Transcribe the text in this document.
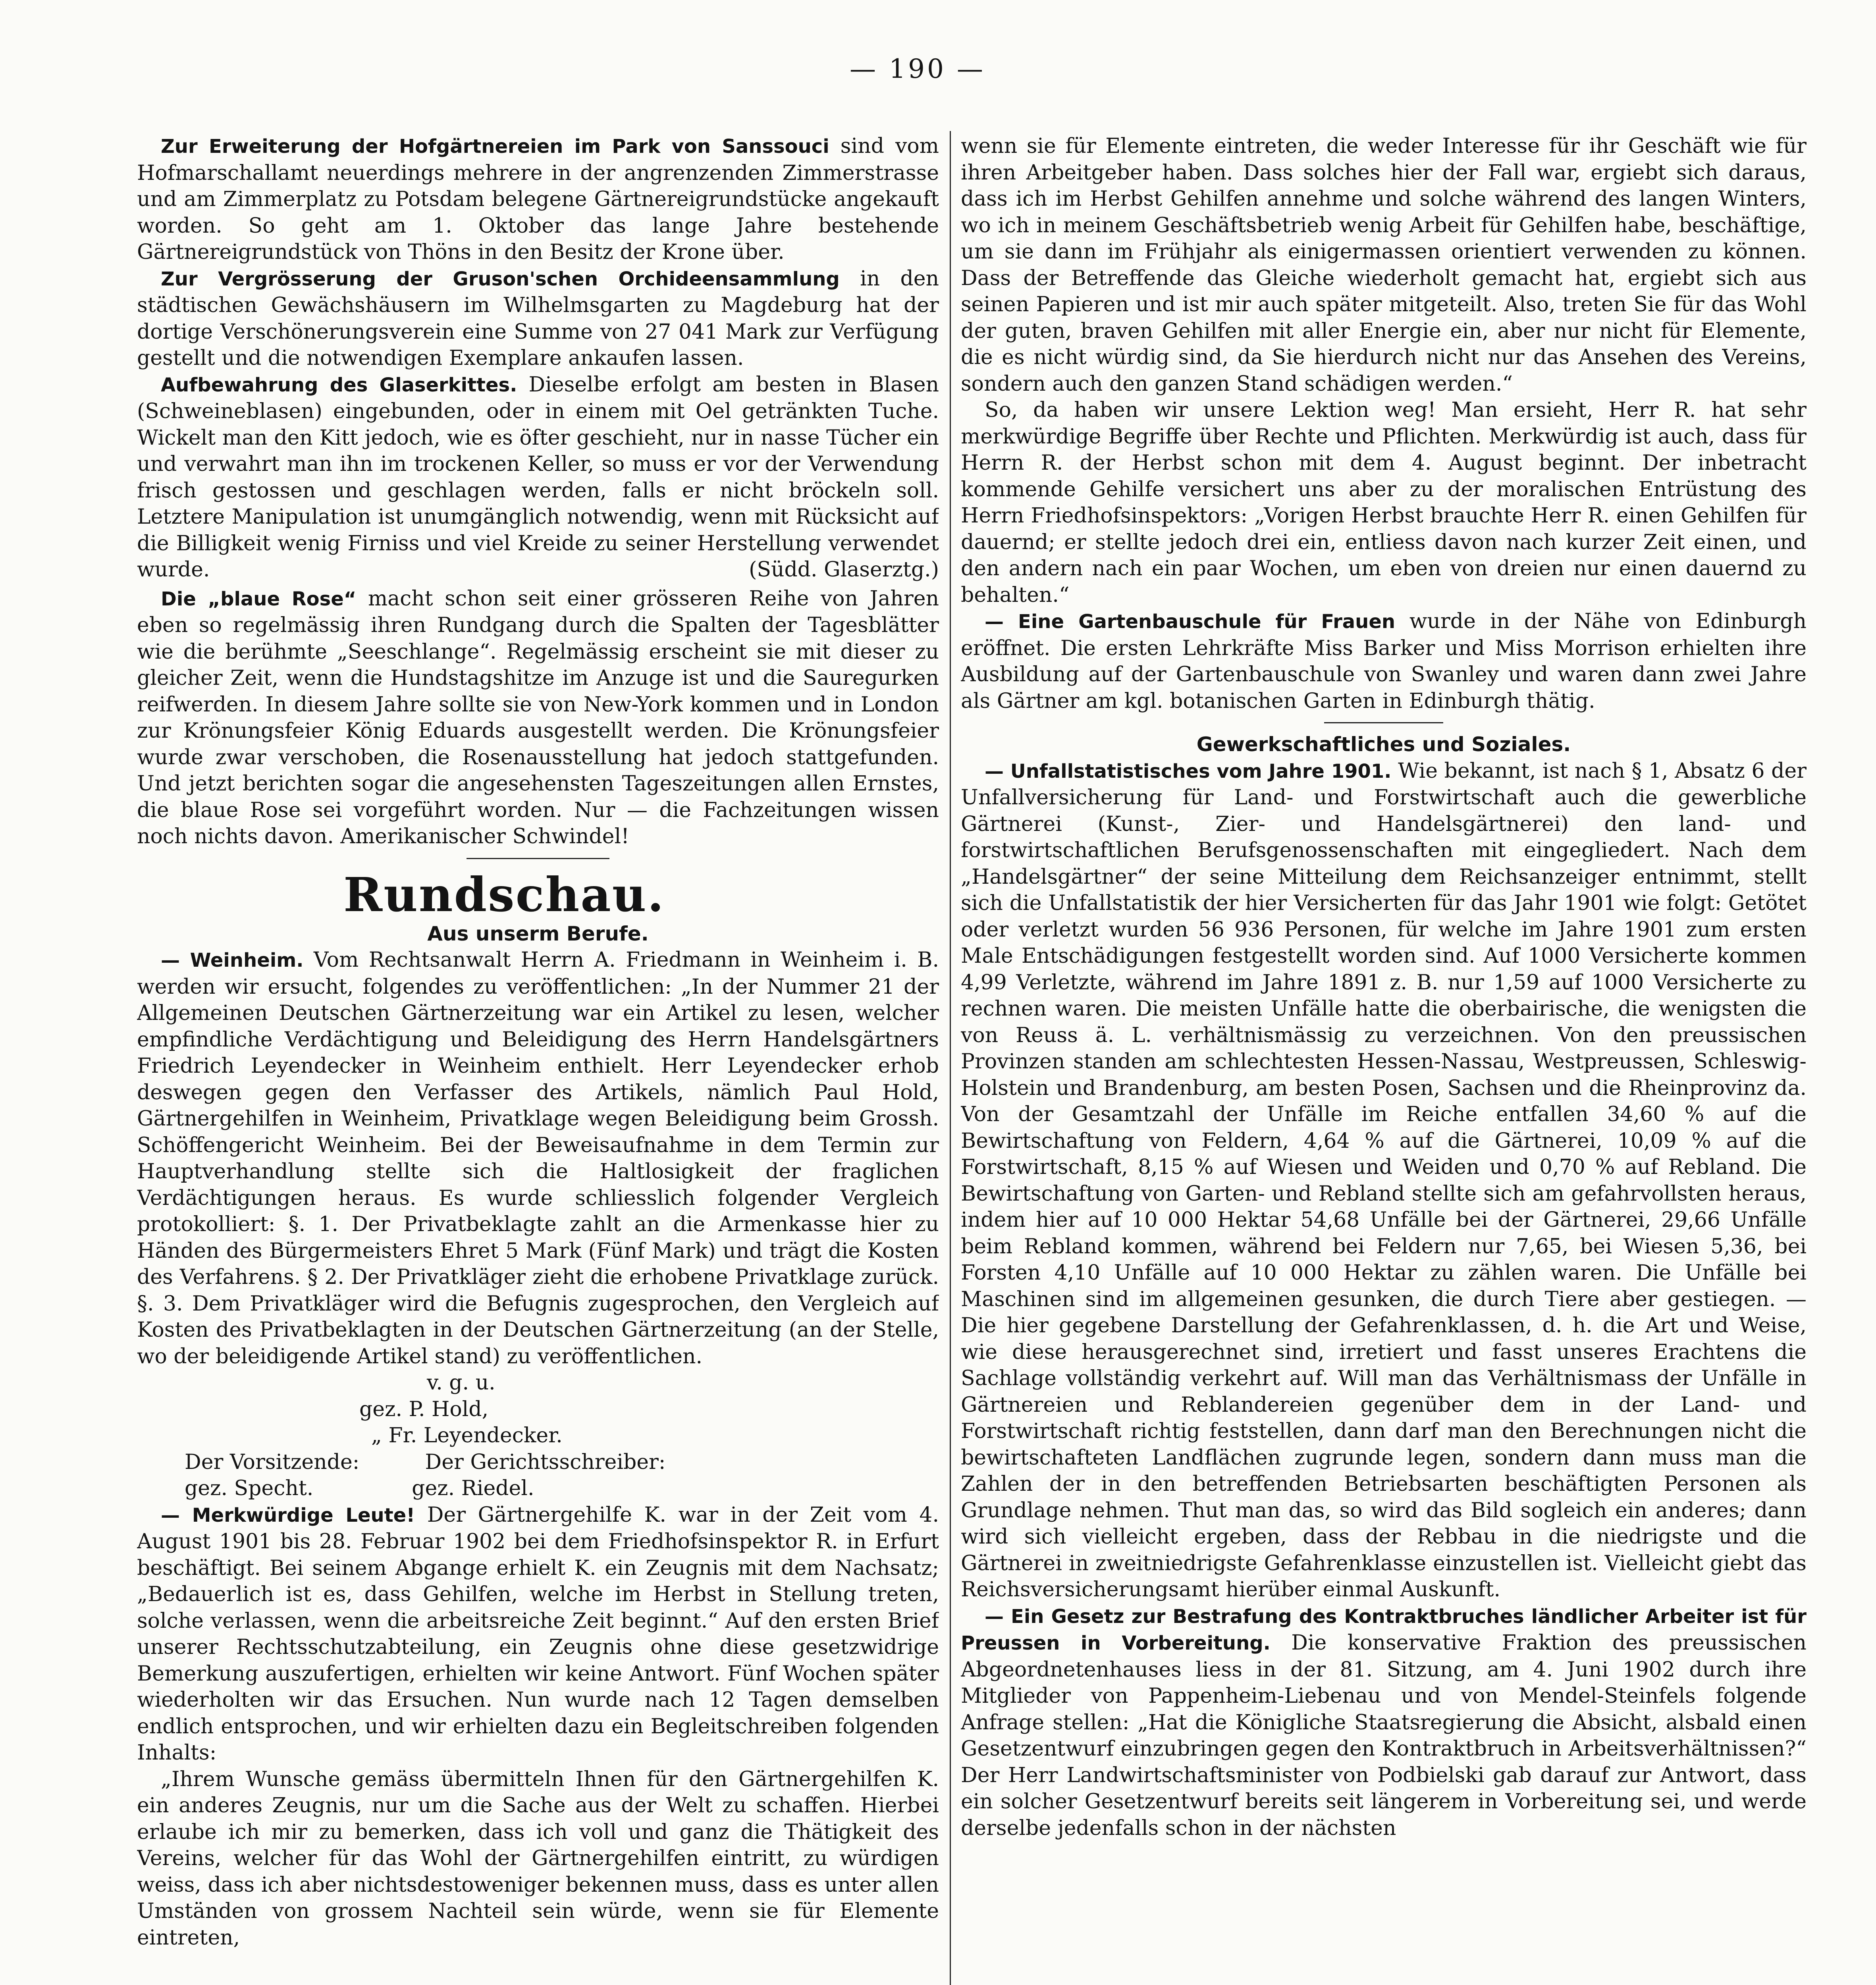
— 190 —

Zur Erweiterung der Hofgärtnereien im Park von Sanssouci sind vom Hofmarschallamt neuerdings mehrere in der angrenzenden Zimmerstrasse und am Zimmerplatz zu Potsdam belegene Gärtnereigrundstücke angekauft worden. So geht am 1. Oktober das lange Jahre bestehende Gärtnereigrundstück von Thöns in den Besitz der Krone über.

Zur Vergrösserung der Gruson'schen Orchideensammlung in den städtischen Gewächshäusern im Wilhelmsgarten zu Magdeburg hat der dortige Verschönerungsverein eine Summe von 27 041 Mark zur Verfügung gestellt und die notwendigen Exemplare ankaufen lassen.

Aufbewahrung des Glaserkittes. Dieselbe erfolgt am besten in Blasen (Schweineblasen) eingebunden, oder in einem mit Oel getränkten Tuche. Wickelt man den Kitt jedoch, wie es öfter geschieht, nur in nasse Tücher ein und verwahrt man ihn im trockenen Keller, so muss er vor der Verwendung frisch gestossen und geschlagen werden, falls er nicht bröckeln soll. Letztere Manipulation ist unumgänglich notwendig, wenn mit Rücksicht auf die Billigkeit wenig Firniss und viel Kreide zu seiner Herstellung verwendet wurde.	(Südd. Glaserztg.)

Die „blaue Rose“ macht schon seit einer grösseren Reihe von Jahren eben so regelmässig ihren Rundgang durch die Spalten der Tagesblätter wie die berühmte „Seeschlange“. Regelmässig erscheint sie mit dieser zu gleicher Zeit, wenn die Hundstagshitze im Anzuge ist und die Sauregurken reifwerden. In diesem Jahre sollte sie von New-York kommen und in London zur Krönungsfeier König Eduards ausgestellt werden. Die Krönungsfeier wurde zwar verschoben, die Rosenausstellung hat jedoch stattgefunden. Und jetzt berichten sogar die angesehensten Tageszeitungen allen Ernstes, die blaue Rose sei vorgeführt worden. Nur — die Fachzeitungen wissen noch nichts davon. Amerikanischer Schwindel!

Rundschau.

Aus unserm Berufe.

— Weinheim. Vom Rechtsanwalt Herrn A. Friedmann in Weinheim i. B. werden wir ersucht, folgendes zu veröffentlichen: „In der Nummer 21 der Allgemeinen Deutschen Gärtnerzeitung war ein Artikel zu lesen, welcher empfindliche Verdächtigung und Beleidigung des Herrn Handelsgärtners Friedrich Leyendecker in Weinheim enthielt. Herr Leyendecker erhob deswegen gegen den Verfasser des Artikels, nämlich Paul Hold, Gärtnergehilfen in Weinheim, Privatklage wegen Beleidigung beim Grossh. Schöffengericht Weinheim. Bei der Beweisaufnahme in dem Termin zur Hauptverhandlung stellte sich die Haltlosigkeit der fraglichen Verdächtigungen heraus. Es wurde schliesslich folgender Vergleich protokolliert: §. 1. Der Privatbeklagte zahlt an die Armenkasse hier zu Händen des Bürgermeisters Ehret 5 Mark (Fünf Mark) und trägt die Kosten des Verfahrens. § 2. Der Privatkläger zieht die erhobene Privatklage zurück. §. 3. Dem Privatkläger wird die Befugnis zugesprochen, den Vergleich auf Kosten des Privatbeklagten in der Deutschen Gärtnerzeitung (an der Stelle, wo der beleidigende Artikel stand) zu veröffentlichen.

v. g. u.

gez. P. Hold,

„ Fr. Leyendecker.

Der Vorsitzende:          Der Gerichtsschreiber:

gez. Specht.               gez. Riedel.

— Merkwürdige Leute! Der Gärtnergehilfe K. war in der Zeit vom 4. August 1901 bis 28. Februar 1902 bei dem Friedhofsinspektor R. in Erfurt beschäftigt. Bei seinem Abgange erhielt K. ein Zeugnis mit dem Nachsatz; „Bedauerlich ist es, dass Gehilfen, welche im Herbst in Stellung treten, solche verlassen, wenn die arbeitsreiche Zeit beginnt.“ Auf den ersten Brief unserer Rechtsschutzabteilung, ein Zeugnis ohne diese gesetzwidrige Bemerkung auszufertigen, erhielten wir keine Antwort. Fünf Wochen später wiederholten wir das Ersuchen. Nun wurde nach 12 Tagen demselben endlich entsprochen, und wir erhielten dazu ein Begleitschreiben folgenden Inhalts:

„Ihrem Wunsche gemäss übermitteln Ihnen für den Gärtnergehilfen K. ein anderes Zeugnis, nur um die Sache aus der Welt zu schaffen. Hierbei erlaube ich mir zu bemerken, dass ich voll und ganz die Thätigkeit des Vereins, welcher für das Wohl der Gärtnergehilfen eintritt, zu würdigen weiss, dass ich aber nichtsdestoweniger bekennen muss, dass es unter allen Umständen von grossem Nachteil sein würde, wenn sie für Elemente eintreten,

wenn sie für Elemente eintreten, die weder Interesse für ihr Geschäft wie für ihren Arbeitgeber haben. Dass solches hier der Fall war, ergiebt sich daraus, dass ich im Herbst Gehilfen annehme und solche während des langen Winters, wo ich in meinem Geschäftsbetrieb wenig Arbeit für Gehilfen habe, beschäftige, um sie dann im Frühjahr als einigermassen orientiert verwenden zu können. Dass der Betreffende das Gleiche wiederholt gemacht hat, ergiebt sich aus seinen Papieren und ist mir auch später mitgeteilt. Also, treten Sie für das Wohl der guten, braven Gehilfen mit aller Energie ein, aber nur nicht für Elemente, die es nicht würdig sind, da Sie hierdurch nicht nur das Ansehen des Vereins, sondern auch den ganzen Stand schädigen werden.“

So, da haben wir unsere Lektion weg! Man ersieht, Herr R. hat sehr merkwürdige Begriffe über Rechte und Pflichten. Merkwürdig ist auch, dass für Herrn R. der Herbst schon mit dem 4. August beginnt. Der inbetracht kommende Gehilfe versichert uns aber zu der moralischen Entrüstung des Herrn Friedhofsinspektors: „Vorigen Herbst brauchte Herr R. einen Gehilfen für dauernd; er stellte jedoch drei ein, entliess davon nach kurzer Zeit einen, und den andern nach ein paar Wochen, um eben von dreien nur einen dauernd zu behalten.“

— Eine Gartenbauschule für Frauen wurde in der Nähe von Edinburgh eröffnet. Die ersten Lehrkräfte Miss Barker und Miss Morrison erhielten ihre Ausbildung auf der Gartenbauschule von Swanley und waren dann zwei Jahre als Gärtner am kgl. botanischen Garten in Edinburgh thätig.

Gewerkschaftliches und Soziales.

— Unfallstatistisches vom Jahre 1901. Wie bekannt, ist nach § 1, Absatz 6 der Unfallversicherung für Land- und Forstwirtschaft auch die gewerbliche Gärtnerei (Kunst-, Zier- und Handelsgärtnerei) den land- und forstwirtschaftlichen Berufsgenossenschaften mit eingegliedert. Nach dem „Handelsgärtner“ der seine Mitteilung dem Reichsanzeiger entnimmt, stellt sich die Unfallstatistik der hier Versicherten für das Jahr 1901 wie folgt: Getötet oder verletzt wurden 56 936 Personen, für welche im Jahre 1901 zum ersten Male Entschädigungen festgestellt worden sind. Auf 1000 Versicherte kommen 4,99 Verletzte, während im Jahre 1891 z. B. nur 1,59 auf 1000 Versicherte zu rechnen waren. Die meisten Unfälle hatte die oberbairische, die wenigsten die von Reuss ä. L. verhältnismässig zu verzeichnen. Von den preussischen Provinzen standen am schlechtesten Hessen-Nassau, Westpreussen, Schleswig-Holstein und Brandenburg, am besten Posen, Sachsen und die Rheinprovinz da. Von der Gesamtzahl der Unfälle im Reiche entfallen 34,60 % auf die Bewirtschaftung von Feldern, 4,64 % auf die Gärtnerei, 10,09 % auf die Forstwirtschaft, 8,15 % auf Wiesen und Weiden und 0,70 % auf Rebland. Die Bewirtschaftung von Garten- und Rebland stellte sich am gefahrvollsten heraus, indem hier auf 10 000 Hektar 54,68 Unfälle bei der Gärtnerei, 29,66 Unfälle beim Rebland kommen, während bei Feldern nur 7,65, bei Wiesen 5,36, bei Forsten 4,10 Unfälle auf 10 000 Hektar zu zählen waren. Die Unfälle bei Maschinen sind im allgemeinen gesunken, die durch Tiere aber gestiegen. — Die hier gegebene Darstellung der Gefahrenklassen, d. h. die Art und Weise, wie diese herausgerechnet sind, irretiert und fasst unseres Erachtens die Sachlage vollständig verkehrt auf. Will man das Verhältnismass der Unfälle in Gärtnereien und Reblandereien gegenüber dem in der Land- und Forstwirtschaft richtig feststellen, dann darf man den Berechnungen nicht die bewirtschafteten Landflächen zugrunde legen, sondern dann muss man die Zahlen der in den betreffenden Betriebsarten beschäftigten Personen als Grundlage nehmen. Thut man das, so wird das Bild sogleich ein anderes; dann wird sich vielleicht ergeben, dass der Rebbau in die niedrigste und die Gärtnerei in zweitniedrigste Gefahrenklasse einzustellen ist. Vielleicht giebt das Reichsversicherungsamt hierüber einmal Auskunft.

— Ein Gesetz zur Bestrafung des Kontraktbruches ländlicher Arbeiter ist für Preussen in Vorbereitung. Die konservative Fraktion des preussischen Abgeordnetenhauses liess in der 81. Sitzung, am 4. Juni 1902 durch ihre Mitglieder von Pappenheim-Liebenau und von Mendel-Steinfels folgende Anfrage stellen: „Hat die Königliche Staatsregierung die Absicht, alsbald einen Gesetzentwurf einzubringen gegen den Kontraktbruch in Arbeitsverhältnissen?“ Der Herr Landwirtschaftsminister von Podbielski gab darauf zur Antwort, dass ein solcher Gesetzentwurf bereits seit längerem in Vorbereitung sei, und werde derselbe jedenfalls schon in der nächsten
